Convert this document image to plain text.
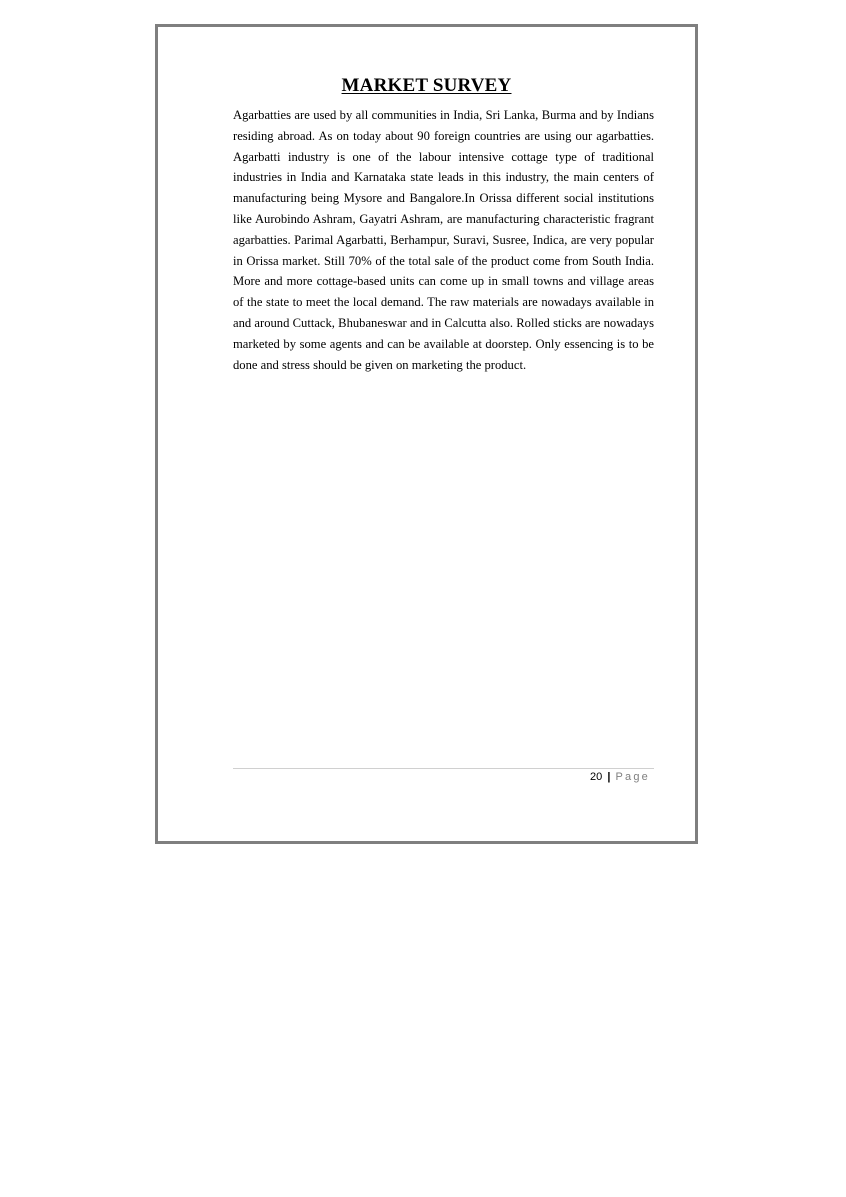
MARKET SURVEY

Agarbatties are used by all communities in India, Sri Lanka, Burma and by Indians residing abroad. As on today about 90 foreign countries are using our agarbatties. Agarbatti industry is one of the labour intensive cottage type of traditional industries in India and Karnataka state leads in this industry, the main centers of manufacturing being Mysore and Bangalore.In Orissa different social institutions like Aurobindo Ashram, Gayatri Ashram, are manufacturing characteristic fragrant agarbatties. Parimal Agarbatti, Berhampur, Suravi, Susree, Indica, are very popular in Orissa market. Still 70% of the total sale of the product come from South India. More and more cottage-based units can come up in small towns and village areas of the state to meet the local demand. The raw materials are nowadays available in and around Cuttack, Bhubaneswar and in Calcutta also. Rolled sticks are nowadays marketed by some agents and can be available at doorstep. Only essencing is to be done and stress should be given on marketing the product.

20 | Page
